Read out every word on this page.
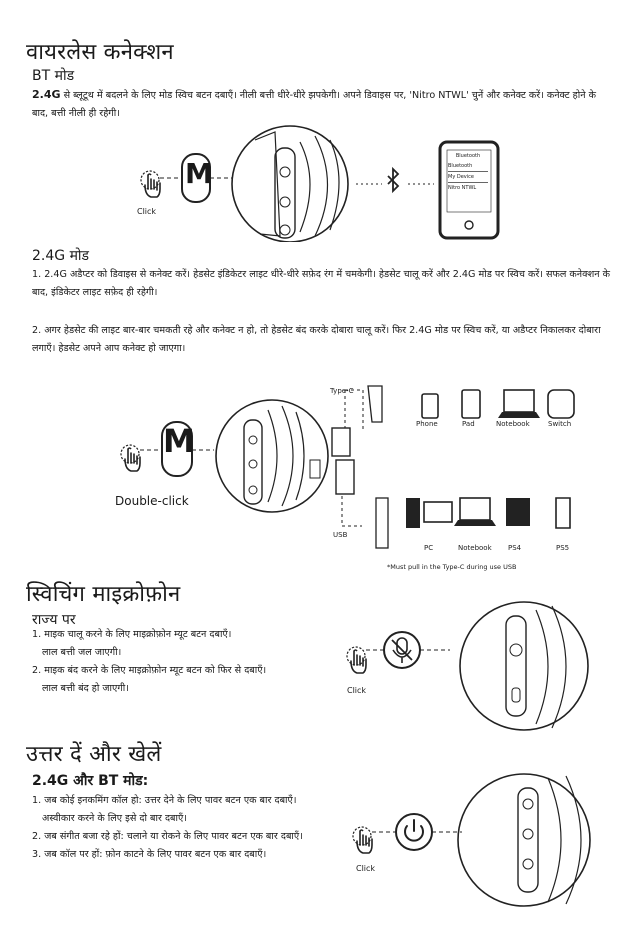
वायरलेस कनेक्शन
BT मोड
2.4G से ब्लूटूथ में बदलने के लिए मोड स्विच बटन दबाएँ। नीली बत्ती धीरे-धीरे झपकेगी। अपने डिवाइस पर, 'Nitro NTWL' चुनें और कनेक्ट करें। कनेक्ट होने के बाद, बत्ती नीली ही रहेगी।
Click
M
Bluetooth
Bluetooth
My Device
Nitro NTWL
2.4G मोड
1. 2.4G अडैप्टर को डिवाइस से कनेक्ट करें। हेडसेट इंडिकेटर लाइट धीरे-धीरे सफ़ेद रंग में चमकेगी। हेडसेट चालू करें और 2.4G मोड पर स्विच करें। सफल कनेक्शन के बाद, इंडिकेटर लाइट सफ़ेद ही रहेगी।
2. अगर हेडसेट की लाइट बार-बार चमकती रहे और कनेक्ट न हो, तो हेडसेट बंद करके दोबारा चालू करें। फिर 2.4G मोड पर स्विच करें, या अडैप्टर निकालकर दोबारा लगाएँ। हेडसेट अपने आप कनेक्ट हो जाएगा।
M
Double-click
Type-C
USB
Phone	Pad	Notebook	Switch
PC	Notebook PS4	PS5
*Must pull in the Type-C during use USB
स्विचिंग माइक्रोफ़ोन
राज्य पर
1. माइक चालू करने के लिए माइक्रोफ़ोन म्यूट बटन दबाएँ।
लाल बत्ती जल जाएगी।
2. माइक बंद करने के लिए माइक्रोफ़ोन म्यूट बटन को फिर से दबाएँ।
लाल बत्ती बंद हो जाएगी।	Click
उत्तर दें और खेलें
2.4G और BT मोड:
1. जब कोई इनकमिंग कॉल हो: उत्तर देने के लिए पावर बटन एक बार दबाएँ।
अस्वीकार करने के लिए इसे दो बार दबाएँ।
2. जब संगीत बजा रहे हों: चलाने या रोकने के लिए पावर बटन एक बार दबाएँ।
3. जब कॉल पर हों: फ़ोन काटने के लिए पावर बटन एक बार दबाएँ।
Click
